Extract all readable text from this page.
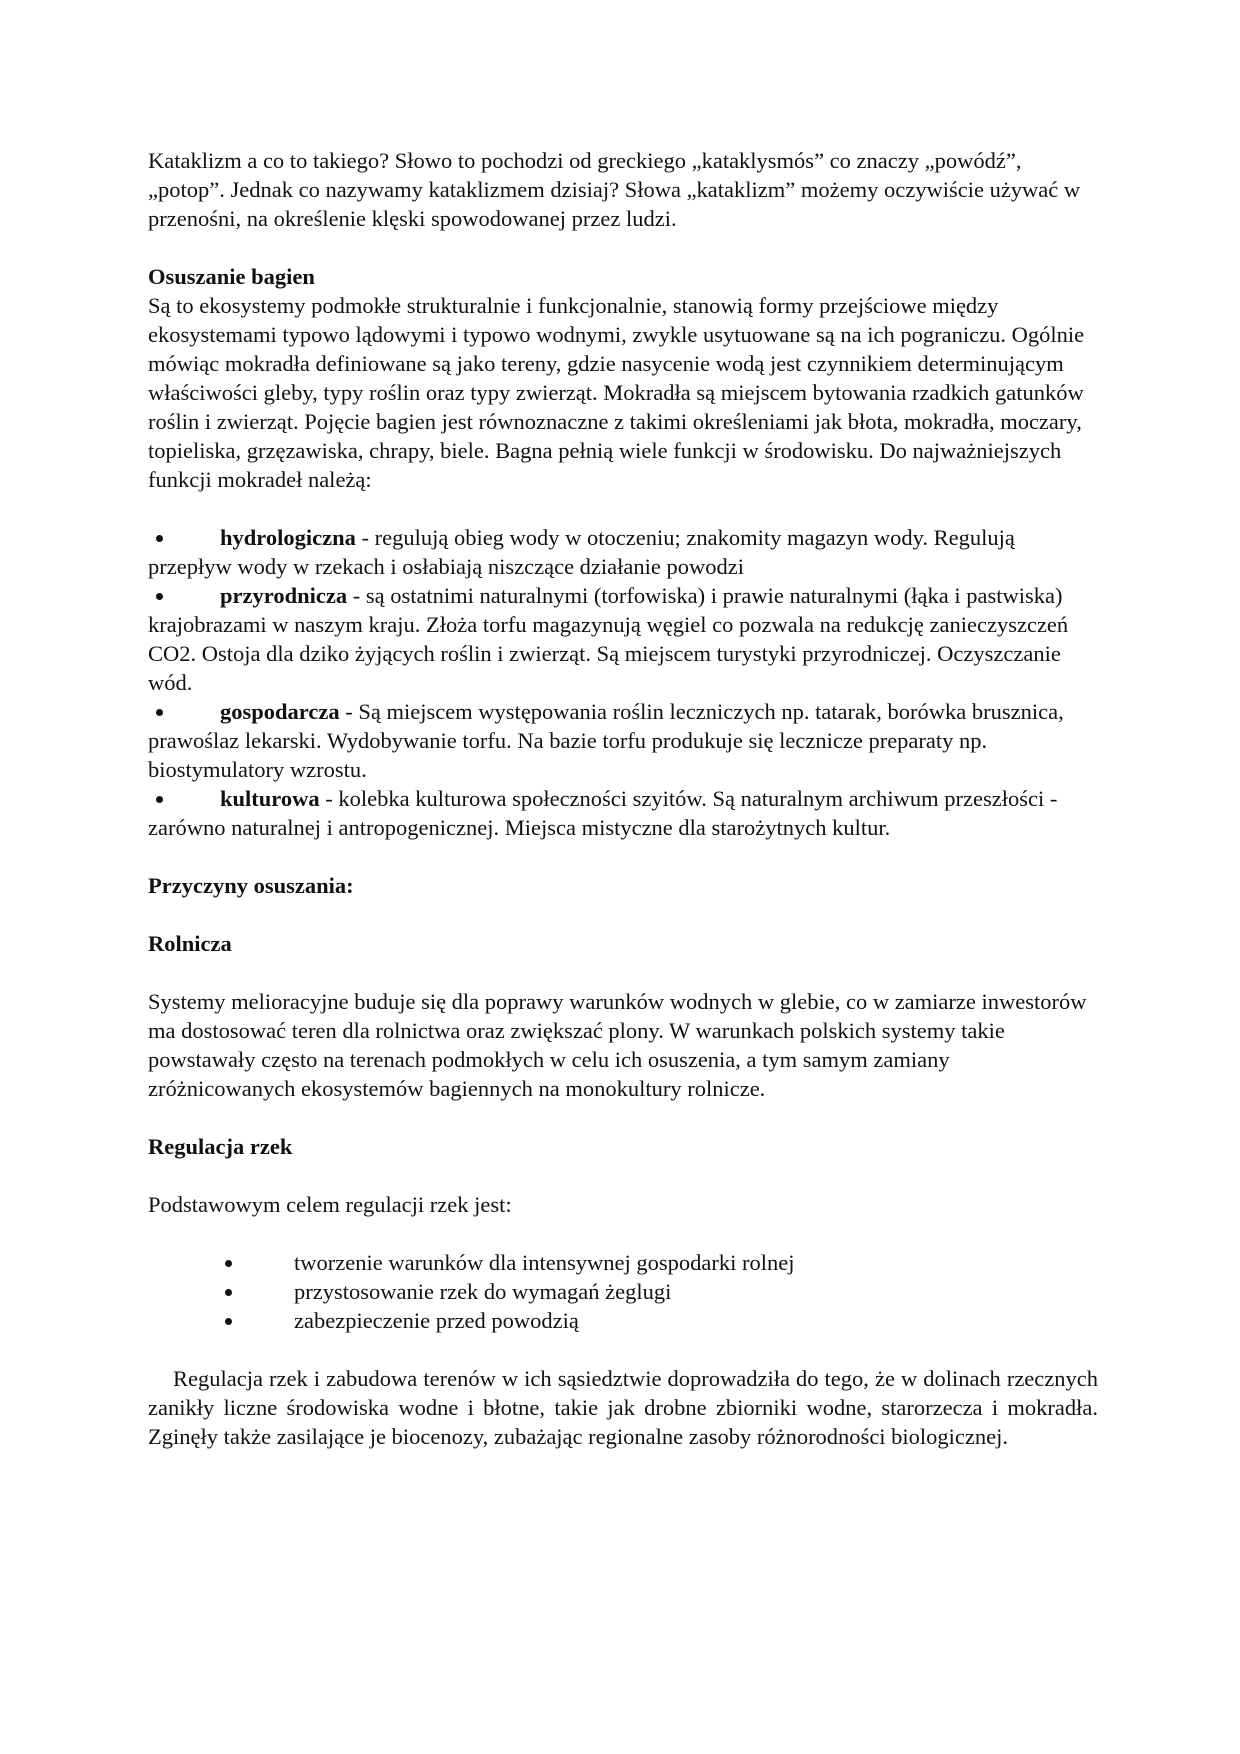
Kataklizm a co to takiego? Słowo to pochodzi od greckiego „kataklysmós” co znaczy „powódź”, „potop”. Jednak co nazywamy kataklizmem dzisiaj? Słowa „kataklizm” możemy oczywiście używać w przenośni, na określenie klęski spowodowanej przez ludzi.

Osuszanie bagien

Są to ekosystemy podmokłe strukturalnie i funkcjonalnie, stanowią formy przejściowe między ekosystemami typowo lądowymi i typowo wodnymi, zwykle usytuowane są na ich pograniczu. Ogólnie mówiąc mokradła definiowane są jako tereny, gdzie nasycenie wodą jest czynnikiem determinującym właściwości gleby, typy roślin oraz typy zwierząt. Mokradła są miejscem bytowania rzadkich gatunków roślin i zwierząt. Pojęcie bagien jest równoznaczne z takimi określeniami jak błota, mokradła, moczary, topieliska, grzęzawiska, chrapy, biele. Bagna pełnią wiele funkcji w środowisku. Do najważniejszych funkcji mokradeł należą:

hydrologiczna - regulują obieg wody w otoczeniu; znakomity magazyn wody. Regulują przepływ wody w rzekach i osłabiają niszczące działanie powodzi
przyrodnicza - są ostatnimi naturalnymi (torfowiska) i prawie naturalnymi (łąka i pastwiska) krajobrazami w naszym kraju. Złoża torfu magazynują węgiel co pozwala na redukcję zanieczyszczeń CO2. Ostoja dla dziko żyjących roślin i zwierząt. Są miejscem turystyki przyrodniczej. Oczyszczanie wód.
gospodarcza - Są miejscem występowania roślin leczniczych np. tatarak, borówka brusznica, prawoślaz lekarski. Wydobywanie torfu. Na bazie torfu produkuje się lecznicze preparaty np. biostymulatory wzrostu.
kulturowa - kolebka kulturowa społeczności szyitów. Są naturalnym archiwum przeszłości - zarówno naturalnej i antropogenicznej. Miejsca mistyczne dla starożytnych kultur.

Przyczyny osuszania:

Rolnicza

Systemy melioracyjne buduje się dla poprawy warunków wodnych w glebie, co w zamiarze inwestorów ma dostosować teren dla rolnictwa oraz zwiększać plony. W warunkach polskich systemy takie powstawały często na terenach podmokłych w celu ich osuszenia, a tym samym zamiany zróżnicowanych ekosystemów bagiennych na monokultury rolnicze.

Regulacja rzek

Podstawowym celem regulacji rzek jest:

tworzenie warunków dla intensywnej gospodarki rolnej
przystosowanie rzek do wymagań żeglugi
zabezpieczenie przed powodzią

Regulacja rzek i zabudowa terenów w ich sąsiedztwie doprowadziła do tego, że w dolinach rzecznych zanikły liczne środowiska wodne i błotne, takie jak drobne zbiorniki wodne, starorzecza i mokradła. Zginęły także zasilające je biocenozy, zubażając regionalne zasoby różnorodności biologicznej.
